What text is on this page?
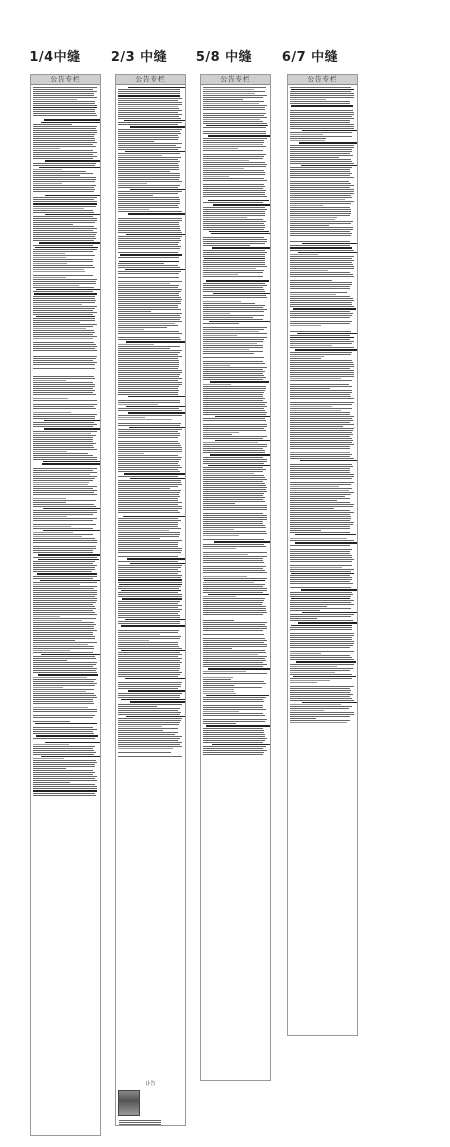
1/4中缝	2/3 中缝	5/8 中缝	6/7 中缝
公告专栏	公告专栏
讣告

公告专栏	公告专栏
